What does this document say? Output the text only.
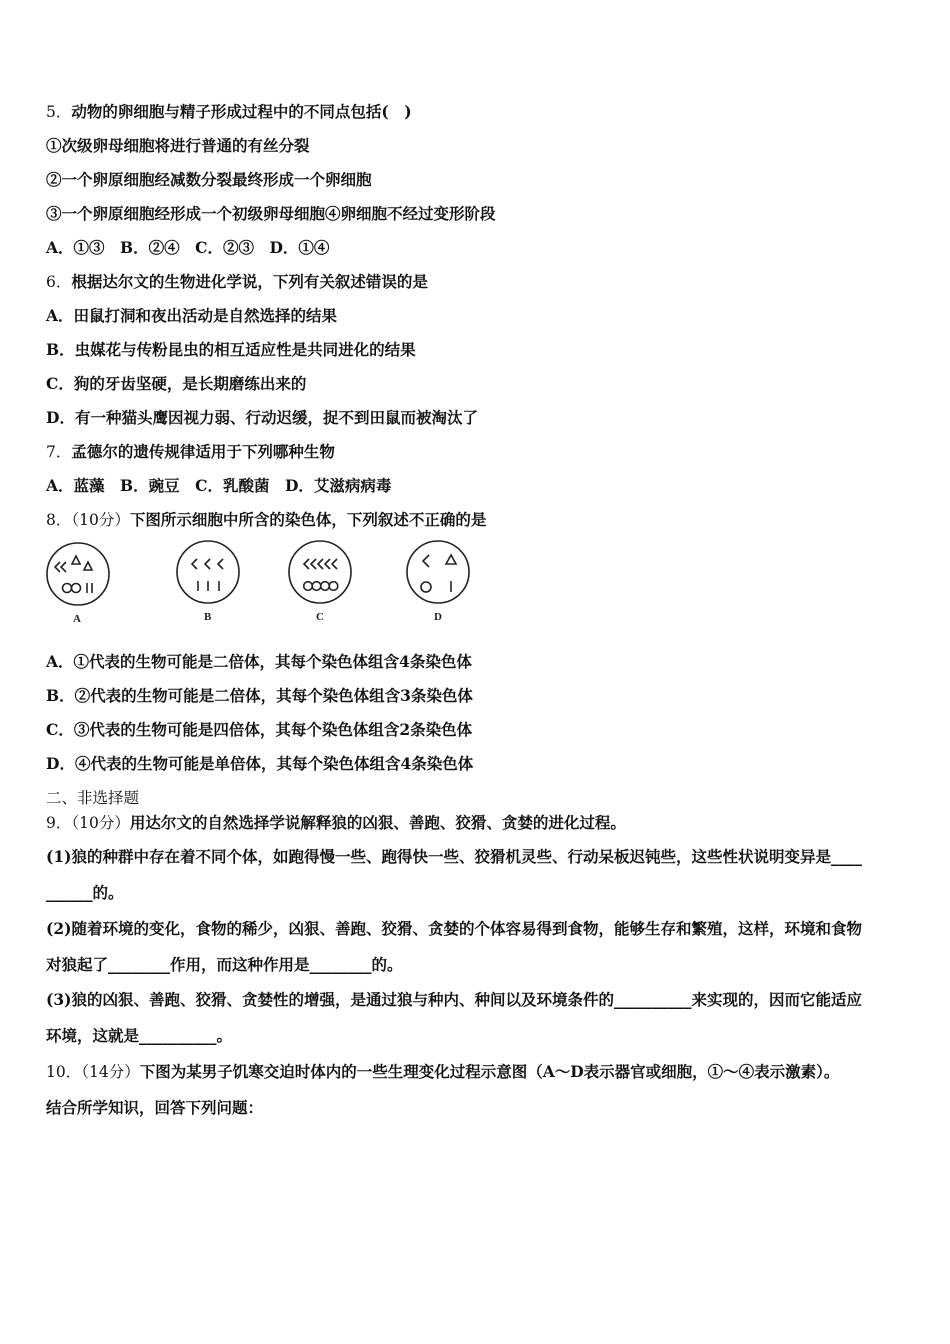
5．动物的卵细胞与精子形成过程中的不同点包括(　)
①次级卵母细胞将进行普通的有丝分裂
②一个卵原细胞经减数分裂最终形成一个卵细胞
③一个卵原细胞经形成一个初级卵母细胞④卵细胞不经过变形阶段
A．①③　B．②④　C．②③　D．①④
6．根据达尔文的生物进化学说，下列有关叙述错误的是
A．田鼠打洞和夜出活动是自然选择的结果
B．虫媒花与传粉昆虫的相互适应性是共同进化的结果
C．狗的牙齿坚硬，是长期磨练出来的
D．有一种猫头鹰因视力弱、行动迟缓，捉不到田鼠而被淘汰了
7．孟德尔的遗传规律适用于下列哪种生物
A．蓝藻　B．豌豆　C．乳酸菌　D．艾滋病病毒
8．（10分）下图所示细胞中所含的染色体，下列叙述不正确的是
A	B	C	D
A．①代表的生物可能是二倍体，其每个染色体组含4条染色体
B．②代表的生物可能是二倍体，其每个染色体组含3条染色体
C．③代表的生物可能是四倍体，其每个染色体组含2条染色体
D．④代表的生物可能是单倍体，其每个染色体组含4条染色体
二、非选择题
9．（10分）用达尔文的自然选择学说解释狼的凶狠、善跑、狡猾、贪婪的进化过程。
(1)狼的种群中存在着不同个体，如跑得慢一些、跑得快一些、狡猾机灵些、行动呆板迟钝些，这些性状说明变异是____
______的。
(2)随着环境的变化，食物的稀少，凶狠、善跑、狡猾、贪婪的个体容易得到食物，能够生存和繁殖，这样，环境和食物
对狼起了________作用，而这种作用是________的。
(3)狼的凶狠、善跑、狡猾、贪婪性的增强，是通过狼与种内、种间以及环境条件的__________来实现的，因而它能适应
环境，这就是__________。
10．（14分）下图为某男子饥寒交迫时体内的一些生理变化过程示意图（A～D表示器官或细胞，①～④表示激素）。
结合所学知识，回答下列问题：
